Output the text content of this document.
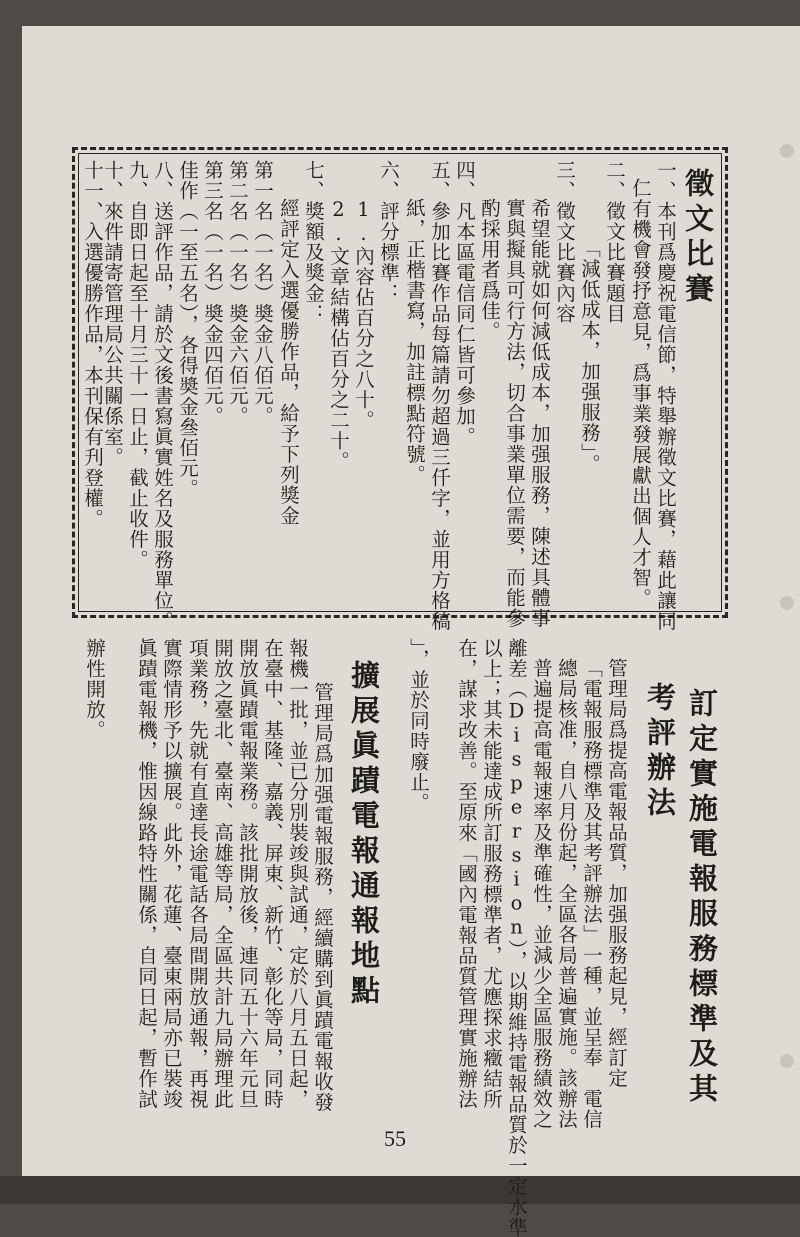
徵文比賽
一、本刊爲慶祝電信節，特舉辦徵文比賽，藉此讓同
仁有機會發抒意見，爲事業發展獻出個人才智。
二、徵文比賽題目
「減低成本，加强服務」。
三、徵文比賽內容
希望能就如何減低成本，加强服務，陳述具體事
實與擬具可行方法，切合事業單位需要，而能參
酌採用者爲佳。
四、凡本區電信同仁皆可參加。
五、參加比賽作品每篇請勿超過三仟字，並用方格稿
紙，正楷書寫，加註標點符號。
六、評分標準：
1.內容佔百分之八十。
2.文章結構佔百分之二十。
七、獎額及獎金：
經評定入選優勝作品，給予下列獎金
第一名（一名）奬金八佰元。
第二名（一名）奬金六佰元。
第三名（一名）奬金四佰元。
佳作（一至五名），各得奬金叄佰元。
八、送評作品，請於文後書寫眞實姓名及服務單位。
九、自即日起至十月三十一日止，截止收件。
十、來件請寄管理局公共關係室。
十一、入選優勝作品，本刊保有刋登權。
訂定實施電報服務標準及其
考評辦法
管理局爲提高電報品質，加强服務起見，經訂定
「電報服務標準及其考評辦法」一種，並呈奉　電信
總局核准，自八月份起，全區各局普遍實施。該辦法
普遍提高電報速率及準確性，並減少全區服務績效之
離差（Dispersion），以期維持電報品質於一定水準
以上；其未能達成所訂服務標準者，尤應探求癥結所
在，謀求改善。至原來「國內電報品質管理實施辦法
」，並於同時廢止。
擴展眞蹟電報通報地點
管理局爲加强電報服務，經續購到眞蹟電報收發
報機一批，並已分別裝竣與試通，定於八月五日起，
在臺中、基隆、嘉義、屏東、新竹、彰化等局，同時
開放眞蹟電報業務。該批開放後，連同五十六年元旦
開放之臺北、臺南、高雄等局，全區共計九局辦理此
項業務，先就有直達長途電話各局間開放通報，再視
實際情形予以擴展。此外，花蓮、臺東兩局亦已裝竣
眞蹟電報機，惟因線路特性關係，自同日起，暫作試
辦性開放。
55
